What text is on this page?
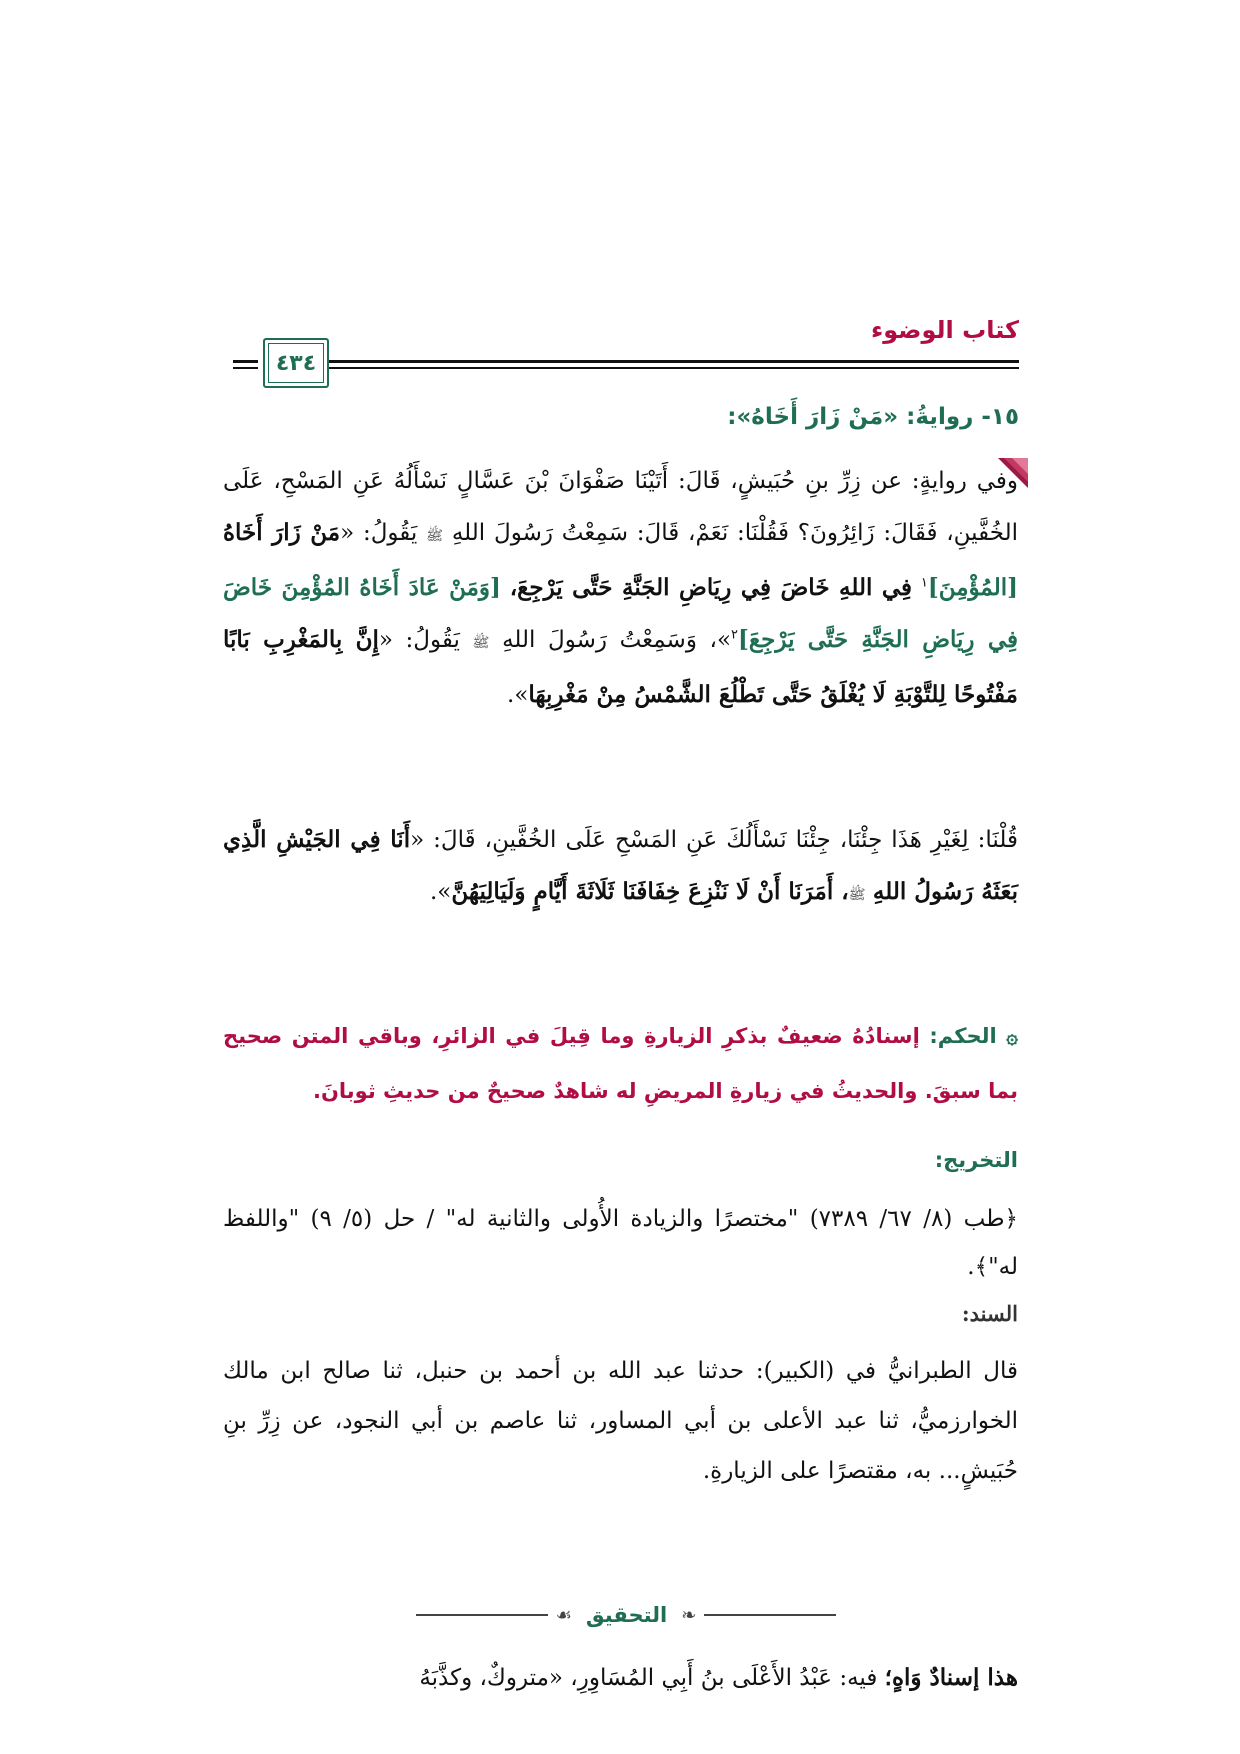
كتاب الوضوء
٤٣٤
١٥- روايةُ: «مَنْ زَارَ أَخَاهُ»:
وفي روايةٍ: عن زِرِّ بنِ حُبَيشٍ، قَالَ: أَتَيْنَا صَفْوَانَ بْنَ عَسَّالٍ نَسْأَلُهُ عَنِ المَسْحِ، عَلَى الخُفَّينِ، فَقَالَ: زَائِرُونَ؟ فَقُلْنَا: نَعَمْ، قَالَ: سَمِعْتُ رَسُولَ اللهِ ﷺ يَقُولُ: «مَنْ زَارَ أَخَاهُ [المُؤْمِنَ]$^١$ فِي اللهِ خَاضَ فِي رِيَاضِ الجَنَّةِ حَتَّى يَرْجِعَ، [وَمَنْ عَادَ أَخَاهُ المُؤْمِنَ خَاضَ فِي رِيَاضِ الجَنَّةِ حَتَّى يَرْجِعَ]$^٢$»، وَسَمِعْتُ رَسُولَ اللهِ ﷺ يَقُولُ: «إِنَّ بِالمَغْرِبِ بَابًا مَفْتُوحًا لِلتَّوْبَةِ لَا يُغْلَقُ حَتَّى تَطْلُعَ الشَّمْسُ مِنْ مَغْرِبِهَا».
قُلْنَا: لِغَيْرِ هَذَا جِئْنَا، جِئْنَا نَسْأَلُكَ عَنِ المَسْحِ عَلَى الخُفَّينِ، قَالَ: «أَنَا فِي الجَيْشِ الَّذِي بَعَثَهُ رَسُولُ اللهِ ﷺ، أَمَرَنَا أَنْ لَا نَنْزِعَ خِفَافَنَا ثَلَاثَةَ أَيَّامٍ وَلَيَالِيَهُنَّ».
۞ الحكم: إسنادُهُ ضعيفٌ بذكرِ الزيارةِ وما قِيلَ في الزائرِ، وباقي المتن صحيح بما سبقَ. والحديثُ في زيارةِ المريضِ له شاهدٌ صحيحٌ من حديثِ ثوبانَ.
التخريج:
﴿طب (٨/ ٦٧/ ٧٣٨٩) "مختصرًا والزيادة الأُولى والثانية له" / حل (٥/ ٩) "واللفظ له"﴾.
السند:
قال الطبرانيُّ في (الكبير): حدثنا عبد الله بن أحمد بن حنبل، ثنا صالح ابن مالك الخوارزميُّ، ثنا عبد الأعلى بن أبي المساور، ثنا عاصم بن أبي النجود، عن زِرِّ بنِ حُبَيشٍ... به، مقتصرًا على الزيارةِ.
❧
التحقيق
☙
هذا إسنادٌ وَاهٍ؛ فيه: عَبْدُ الأَعْلَى بنُ أَبِي المُسَاوِرِ، «متروكٌ، وكذَّبَهُ
